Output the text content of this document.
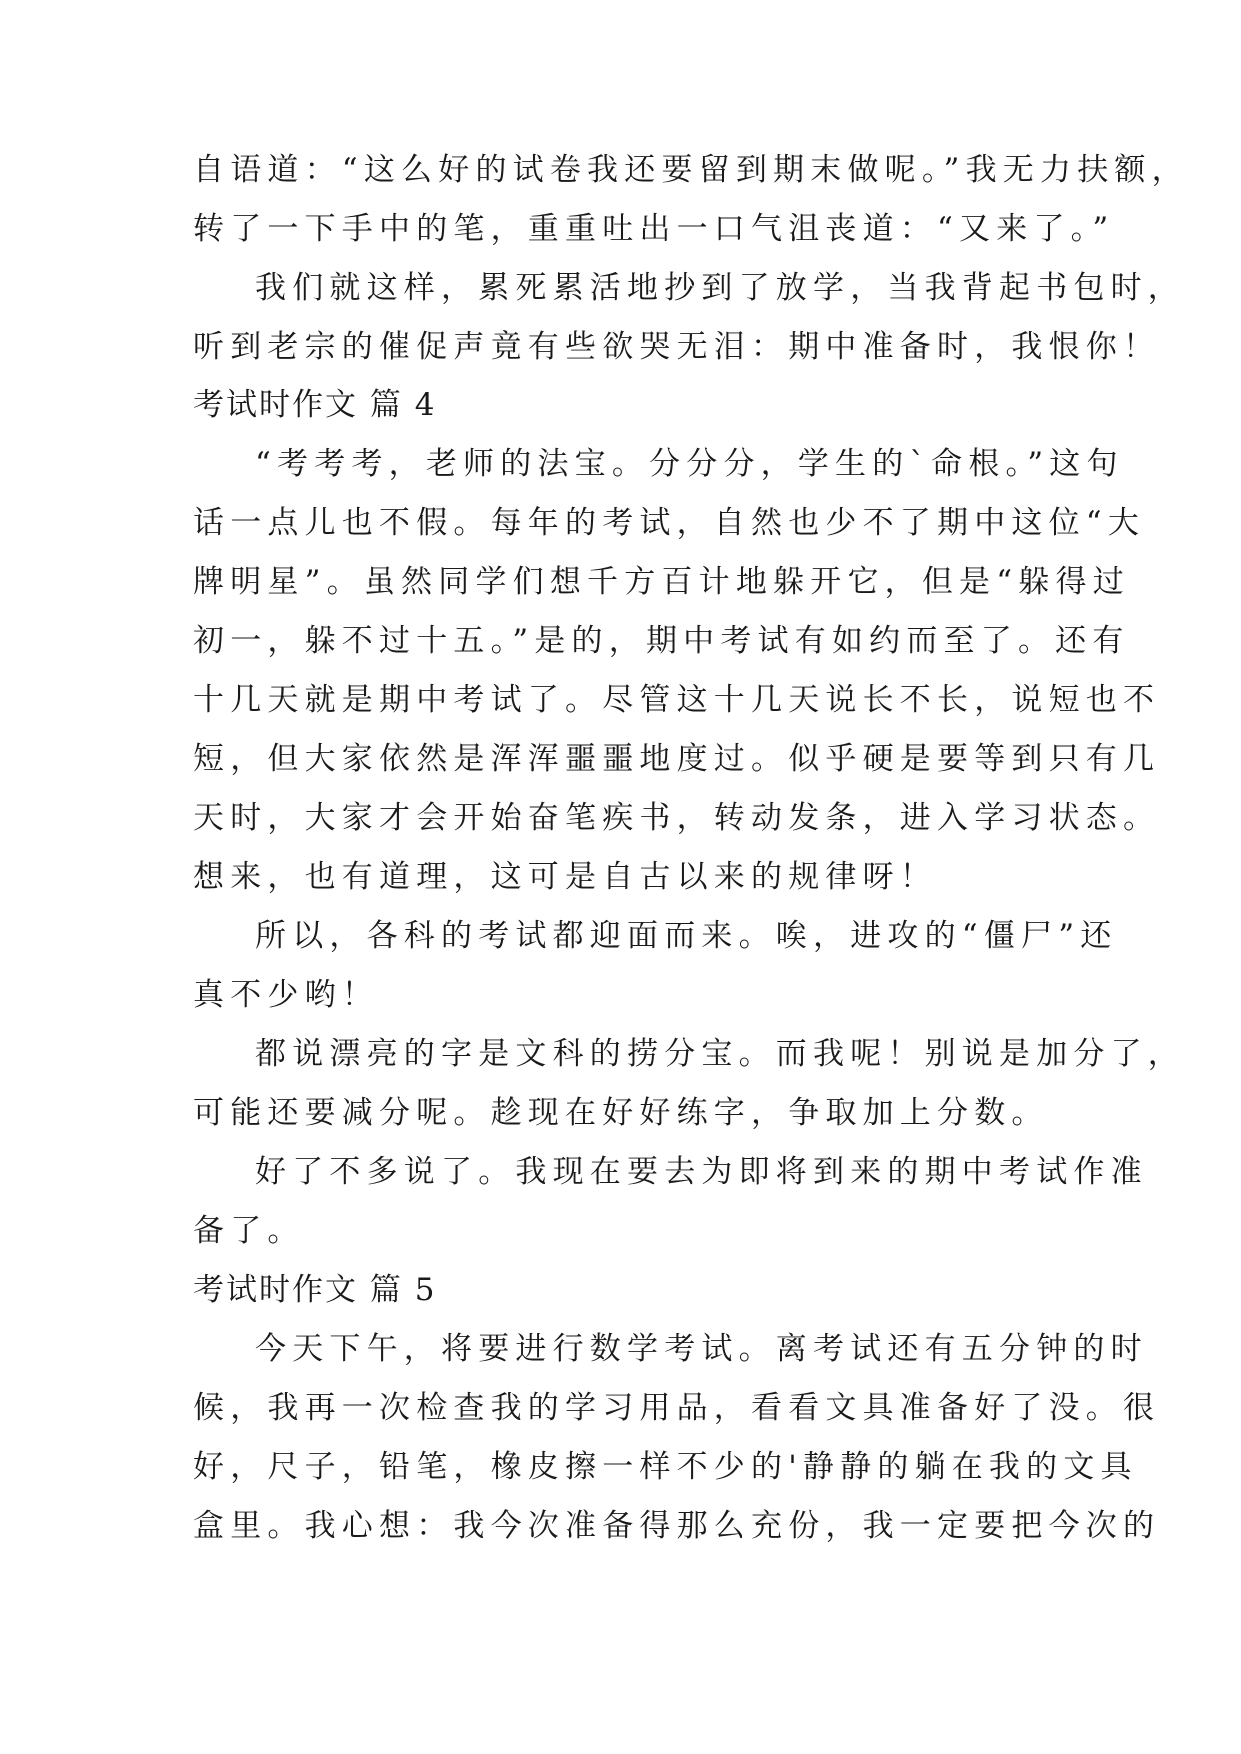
自语道：“这么好的试卷我还要留到期末做呢。”我无力扶额，
转了一下手中的笔，重重吐出一口气沮丧道：“又来了。”
我们就这样，累死累活地抄到了放学，当我背起书包时，
听到老宗的催促声竟有些欲哭无泪：期中准备时，我恨你！
考试时作文 篇 4
“考考考，老师的法宝。分分分，学生的`命根。”这句
话一点儿也不假。每年的考试，自然也少不了期中这位“大
牌明星”。虽然同学们想千方百计地躲开它，但是“躲得过
初一，躲不过十五。”是的，期中考试有如约而至了。还有
十几天就是期中考试了。尽管这十几天说长不长，说短也不
短，但大家依然是浑浑噩噩地度过。似乎硬是要等到只有几
天时，大家才会开始奋笔疾书，转动发条，进入学习状态。
想来，也有道理，这可是自古以来的规律呀！
所以，各科的考试都迎面而来。唉，进攻的“僵尸”还
真不少哟！
都说漂亮的字是文科的捞分宝。而我呢！别说是加分了，
可能还要减分呢。趁现在好好练字，争取加上分数。
好了不多说了。我现在要去为即将到来的期中考试作准
备了。
考试时作文 篇 5
今天下午，将要进行数学考试。离考试还有五分钟的时
候，我再一次检查我的学习用品，看看文具准备好了没。很
好，尺子，铅笔，橡皮擦一样不少的'静静的躺在我的文具
盒里。我心想：我今次准备得那么充份，我一定要把今次的
